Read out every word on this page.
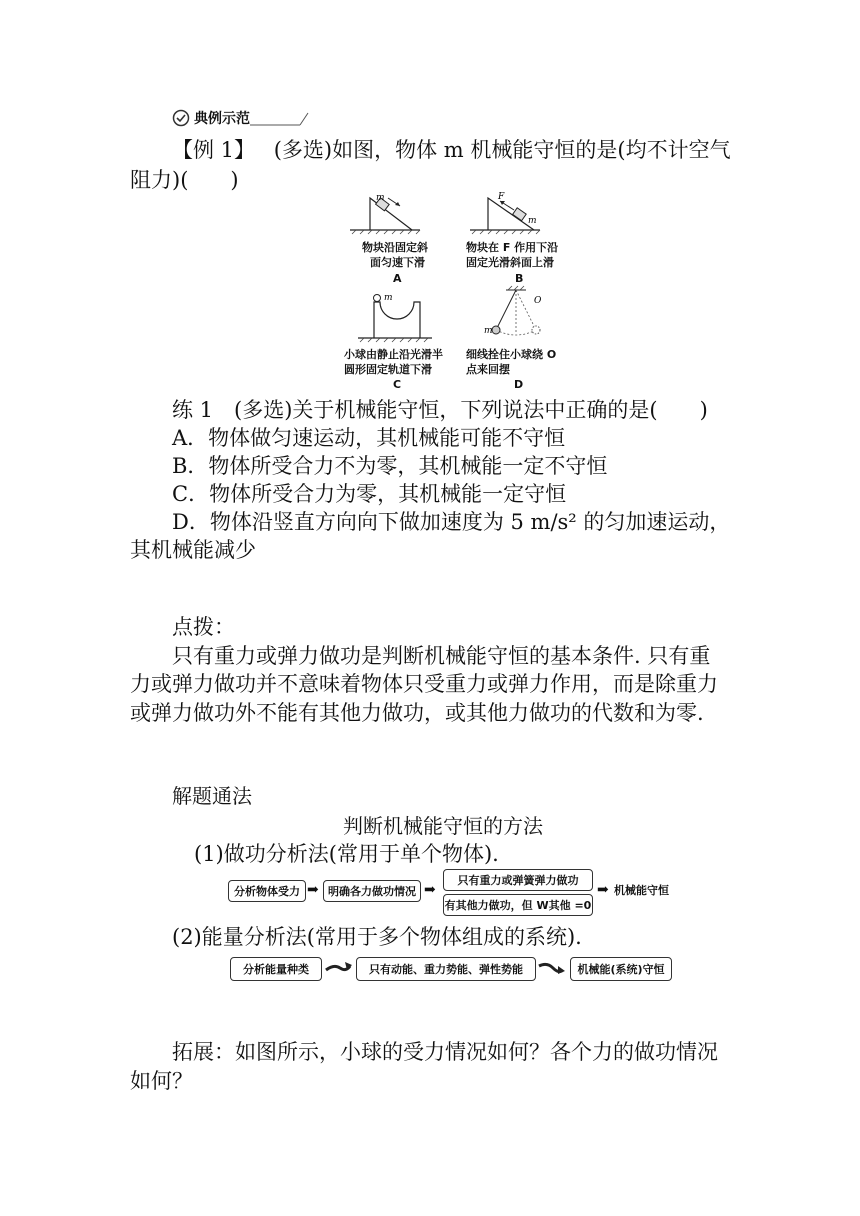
典例示范
【例 1】 (多选)如图，物体 m 机械能守恒的是(均不计空气
阻力)(　　)
m	F
m
m	O
m
物块沿固定斜
面匀速下滑
A
物块在 F 作用下沿
固定光滑斜面上滑
B
小球由静止沿光滑半
圆形固定轨道下滑
C
细线拴住小球绕 O
点来回摆
D
练 1　(多选)关于机械能守恒，下列说法中正确的是(　　)
A．物体做匀速运动，其机械能可能不守恒
B．物体所受合力不为零，其机械能一定不守恒
C．物体所受合力为零，其机械能一定守恒
D．物体沿竖直方向向下做加速度为 5 m/s² 的匀加速运动，
其机械能减少
点拨：
只有重力或弹力做功是判断机械能守恒的基本条件. 只有重
力或弹力做功并不意味着物体只受重力或弹力作用，而是除重力
或弹力做功外不能有其他力做功，或其他力做功的代数和为零.
解题通法
判断机械能守恒的方法
(1)做功分析法(常用于单个物体).
分析物体受力 ➡ 明确各力做功情况 ➡
只有重力或弹簧弹力做功
有其他力做功，但 W其他 =0
➡ 机械能守恒
(2)能量分析法(常用于多个物体组成的系统).
分析能量种类	只有动能、重力势能、弹性势能	机械能(系统)守恒
拓展：如图所示，小球的受力情况如何？各个力的做功情况
如何？
